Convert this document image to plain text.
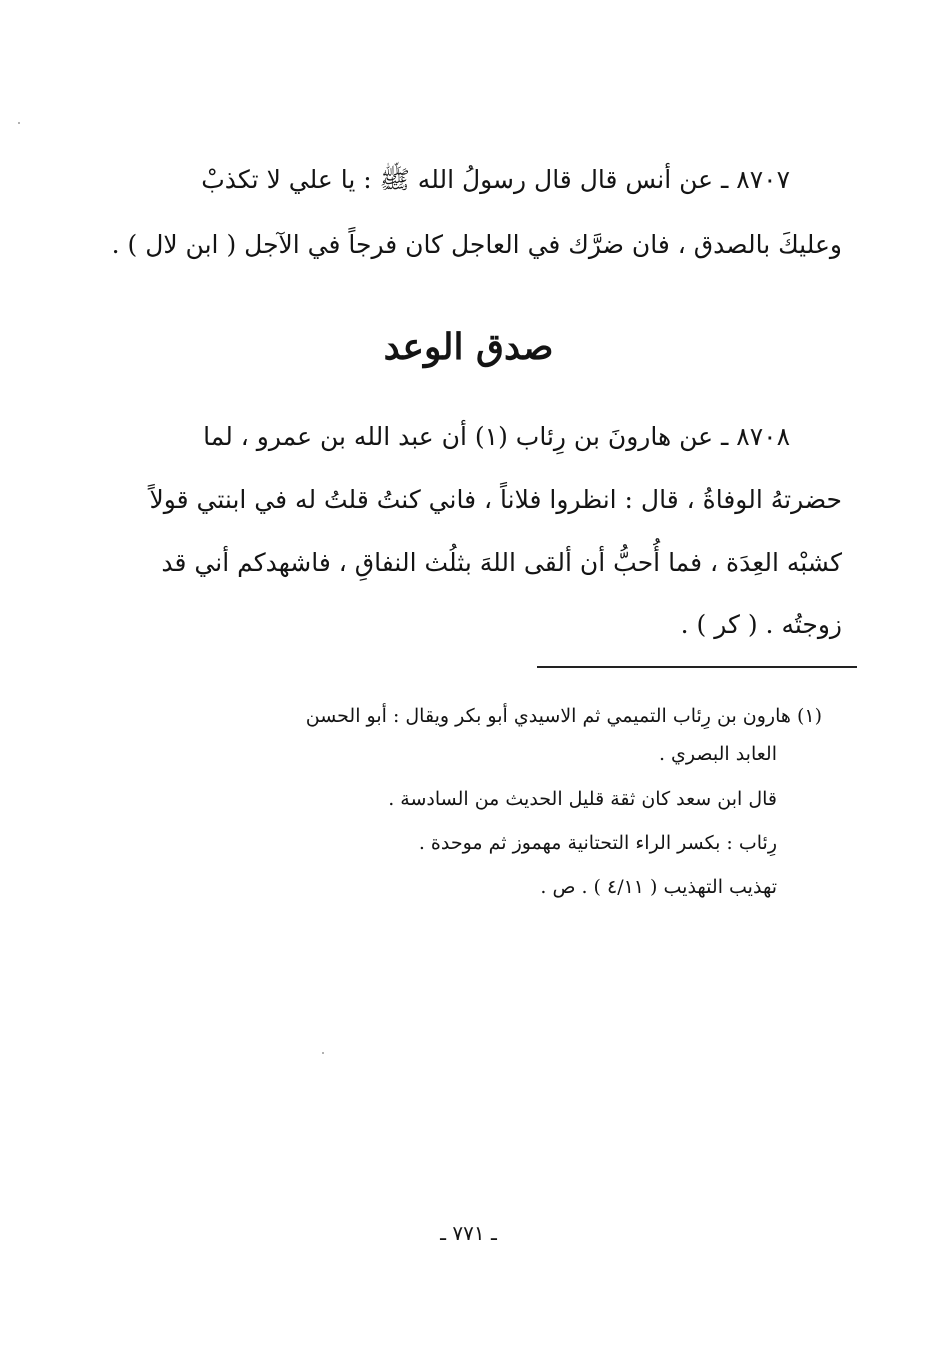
٨٧٠٧ ـ عن أنس قال قال رسولُ الله ﷺ : يا علي لا تكذبْ

وعليكَ بالصدق ، فان ضرَّك في العاجل كان فرجاً في الآجل ( ابن لال ) .

صدق الوعد

٨٧٠٨ ـ عن هارونَ بن رِئاب (١) أن عبد الله بن عمرو ، لما

حضرتهُ الوفاةُ ، قال : انظروا فلاناً ، فاني كنتُ قلتُ له في ابنتي قولاً

كشبْه العِدَة ، فما أُحبُّ أن ألقى اللهَ بثلُث النفاقِ ، فاشهدكم أني قد

زوجتُه . ( كر ) .

(١) هارون بن رِئاب التميمي ثم الاسيدي أبو بكر ويقال : أبو الحسن

العابد البصري .

قال ابن سعد كان ثقة قليل الحديث من السادسة .

رِئاب : بكسر الراء التحتانية مهموز ثم موحدة .

تهذيب التهذيب ( ٤/١١ ) . ص .

ـ ٧٧١ ـ
